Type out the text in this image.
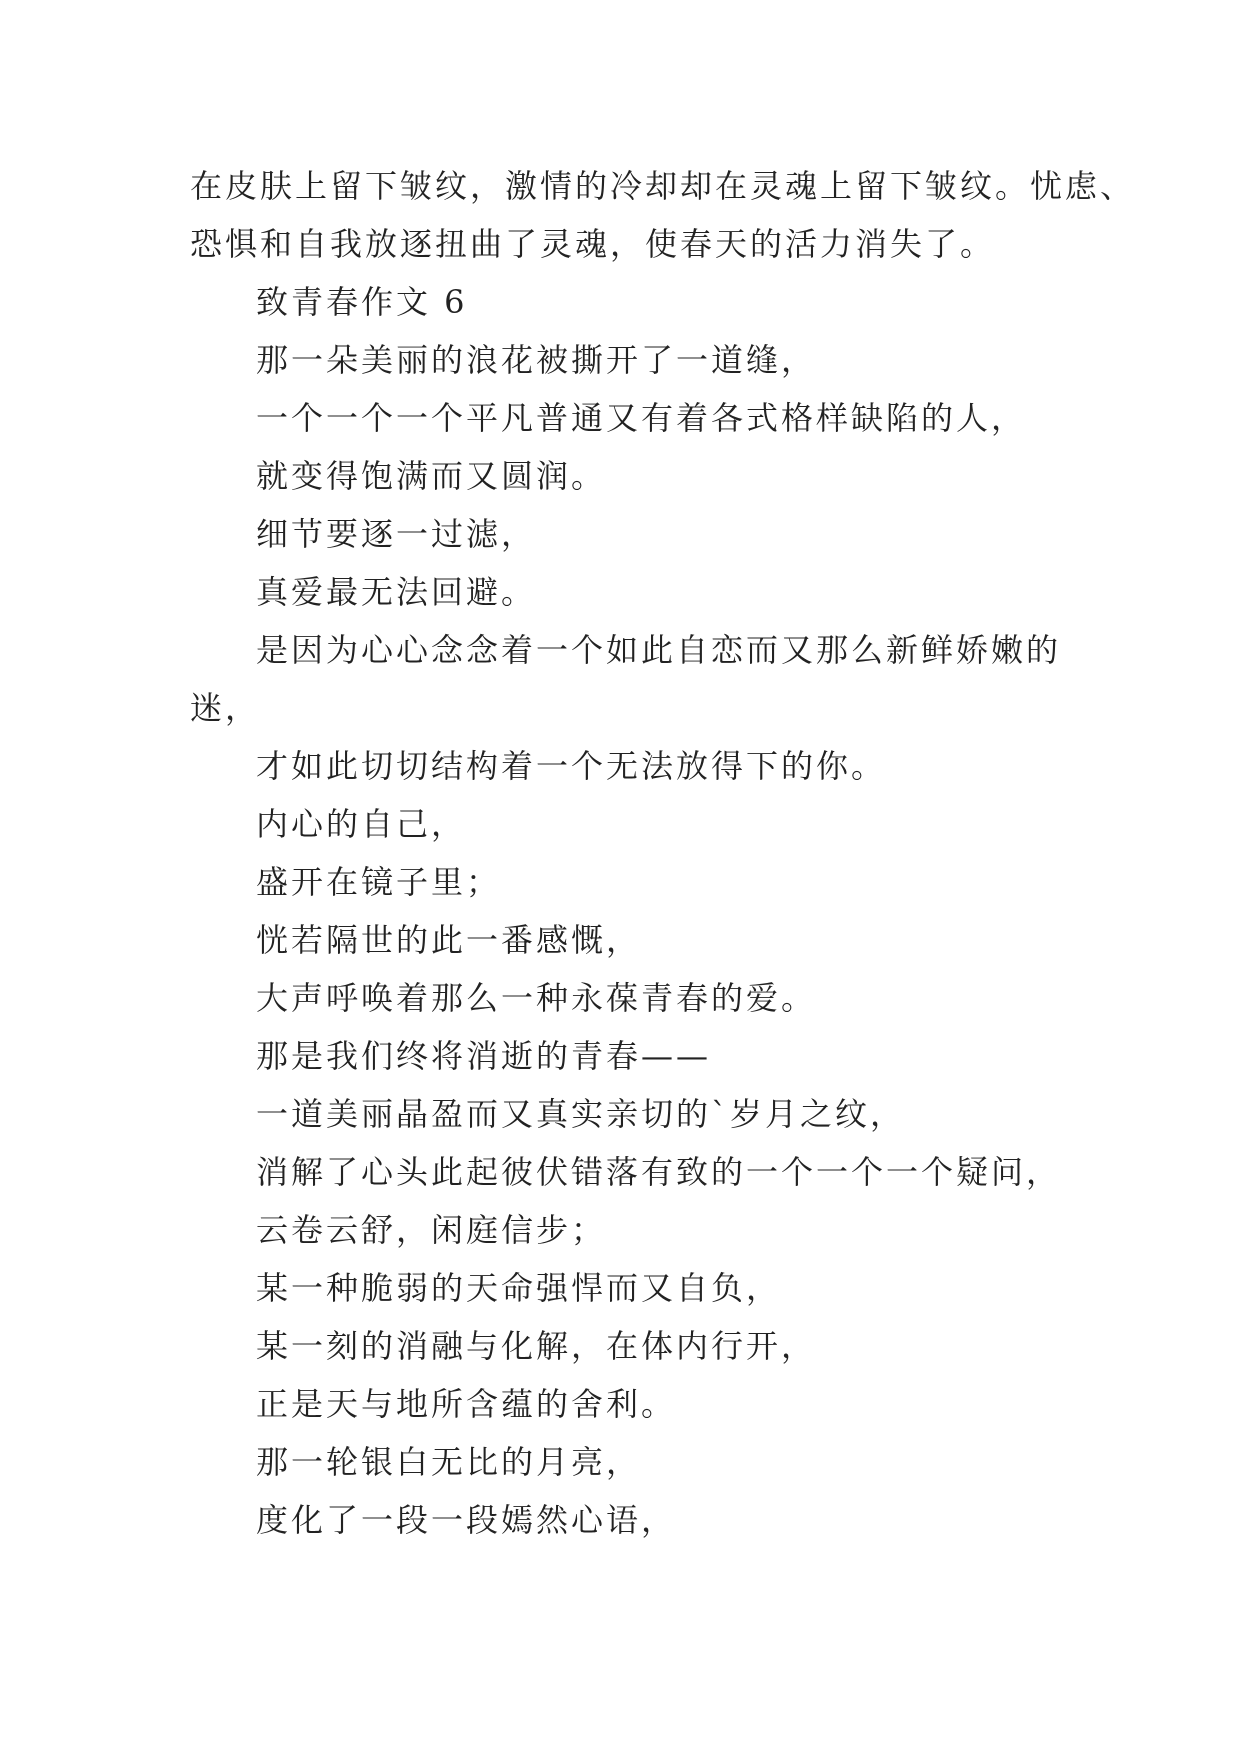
在皮肤上留下皱纹，激情的冷却却在灵魂上留下皱纹。忧虑、
恐惧和自我放逐扭曲了灵魂，使春天的活力消失了。
致青春作文 6
那一朵美丽的浪花被撕开了一道缝，
一个一个一个平凡普通又有着各式格样缺陷的人，
就变得饱满而又圆润。
细节要逐一过滤，
真爱最无法回避。
是因为心心念念着一个如此自恋而又那么新鲜娇嫩的
迷，
才如此切切结构着一个无法放得下的你。
内心的自己，
盛开在镜子里；
恍若隔世的此一番感慨，
大声呼唤着那么一种永葆青春的爱。
那是我们终将消逝的青春——
一道美丽晶盈而又真实亲切的`岁月之纹，
消解了心头此起彼伏错落有致的一个一个一个疑问，
云卷云舒，闲庭信步；
某一种脆弱的天命强悍而又自负，
某一刻的消融与化解，在体内行开，
正是天与地所含蕴的舍利。
那一轮银白无比的月亮，
度化了一段一段嫣然心语，
